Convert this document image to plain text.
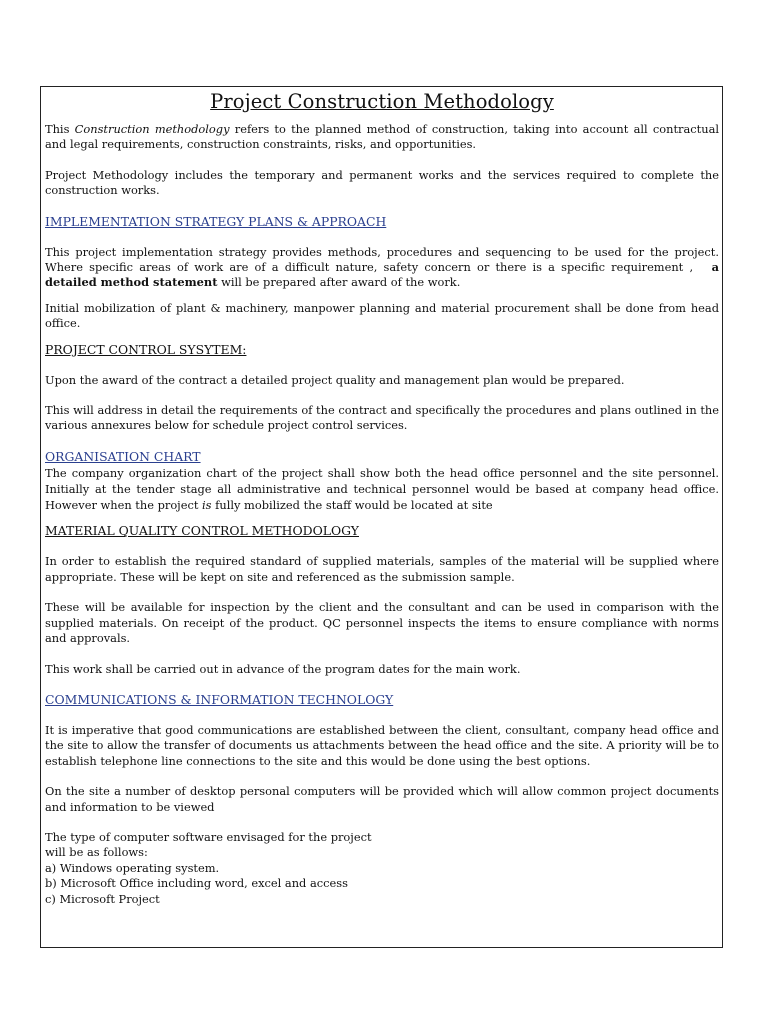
Project Construction Methodology

This Construction methodology refers to the planned method of construction, taking into account all contractual and legal requirements, construction constraints, risks, and opportunities.

Project Methodology includes the temporary and permanent works and the services required to complete the construction works.

IMPLEMENTATION STRATEGY PLANS & APPROACH

This project implementation strategy provides methods, procedures and sequencing to be used for the project. Where specific areas of work are of a difficult nature, safety concern or there is a specific requirement , a detailed method statement will be prepared after award of the work.

Initial mobilization of plant & machinery, manpower planning and material procurement shall be done from head office.

PROJECT CONTROL SYSYTEM:

Upon the award of the contract a detailed project quality and management plan would be prepared.

This will address in detail the requirements of the contract and specifically the procedures and plans outlined in the various annexures below for schedule project control services.

ORGANISATION CHART

The company organization chart of the project shall show both the head office personnel and the site personnel. Initially at the tender stage all administrative and technical personnel would be based at company head office. However when the project is fully mobilized the staff would be located at site

MATERIAL QUALITY CONTROL METHODOLOGY

In order to establish the required standard of supplied materials, samples of the material will be supplied where appropriate. These will be kept on site and referenced as the submission sample.

These will be available for inspection by the client and the consultant and can be used in comparison with the supplied materials. On receipt of the product. QC personnel inspects the items to ensure compliance with norms and approvals.

This work shall be carried out in advance of the program dates for the main work.

COMMUNICATIONS & INFORMATION TECHNOLOGY

It is imperative that good communications are established between the client, consultant, company head office and the site to allow the transfer of documents us attachments between the head office and the site. A priority will be to establish telephone line connections to the site and this would be done using the best options.

On the site a number of desktop personal computers will be provided which will allow common project documents and information to be viewed

The type of computer software envisaged for the project

will be as follows:

a) Windows operating system.

b) Microsoft Office including word, excel and access

c) Microsoft Project
